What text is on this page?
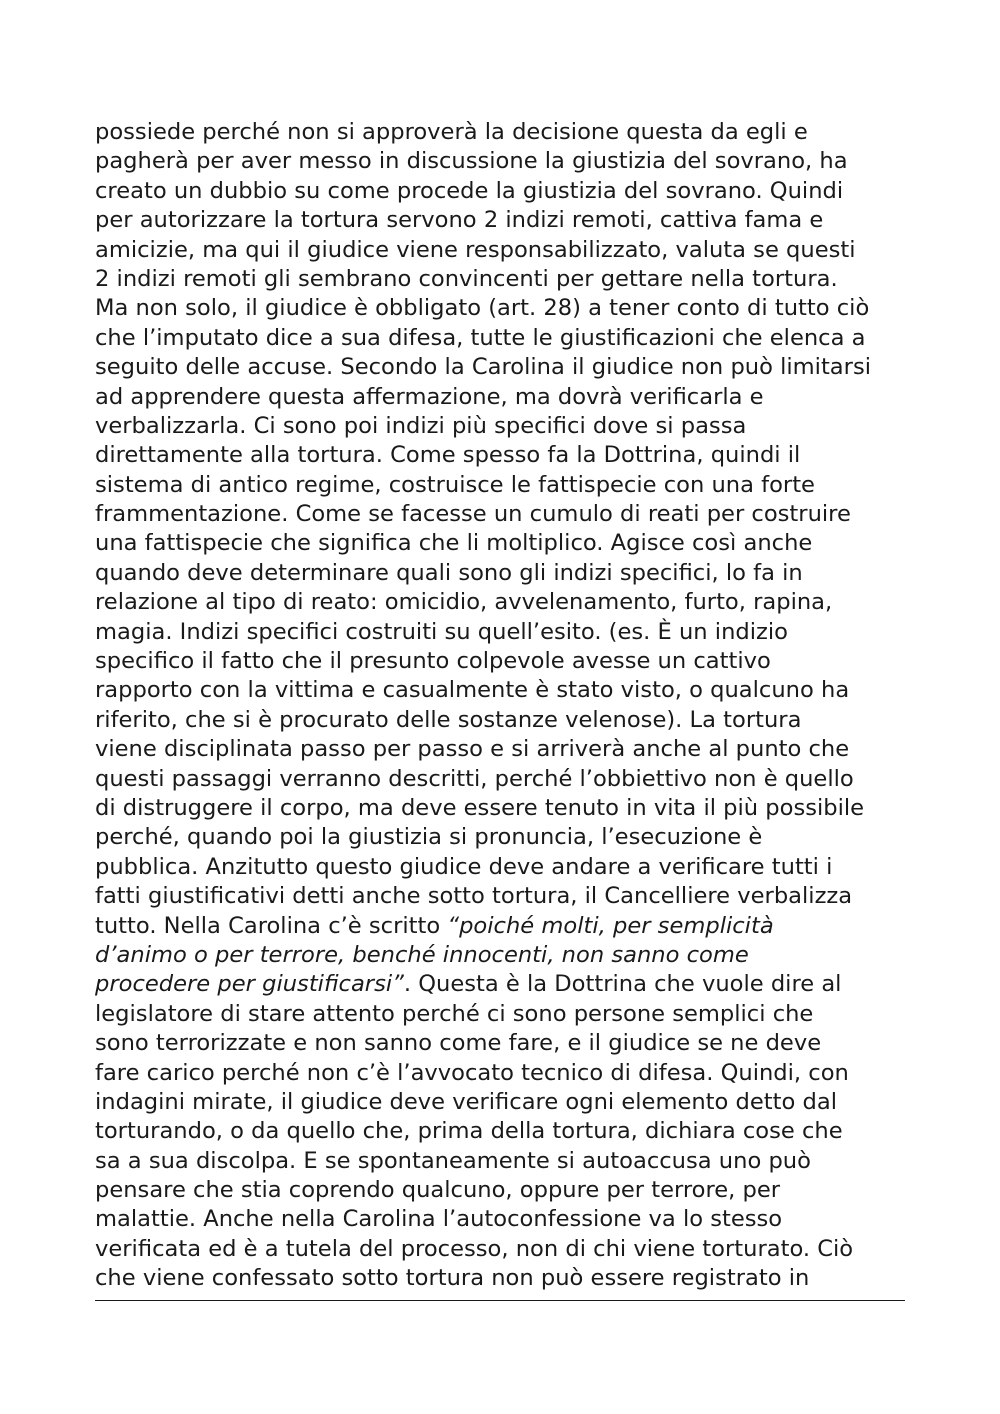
possiede perché non si approverà la decisione questa da egli e
pagherà per aver messo in discussione la giustizia del sovrano, ha
creato un dubbio su come procede la giustizia del sovrano. Quindi
per autorizzare la tortura servono 2 indizi remoti, cattiva fama e
amicizie, ma qui il giudice viene responsabilizzato, valuta se questi
2 indizi remoti gli sembrano convincenti per gettare nella tortura.
Ma non solo, il giudice è obbligato (art. 28) a tener conto di tutto ciò
che l’imputato dice a sua difesa, tutte le giustificazioni che elenca a
seguito delle accuse. Secondo la Carolina il giudice non può limitarsi
ad apprendere questa affermazione, ma dovrà verificarla e
verbalizzarla. Ci sono poi indizi più specifici dove si passa
direttamente alla tortura. Come spesso fa la Dottrina, quindi il
sistema di antico regime, costruisce le fattispecie con una forte
frammentazione. Come se facesse un cumulo di reati per costruire
una fattispecie che significa che li moltiplico. Agisce così anche
quando deve determinare quali sono gli indizi specifici, lo fa in
relazione al tipo di reato: omicidio, avvelenamento, furto, rapina,
magia. Indizi specifici costruiti su quell’esito. (es. È un indizio
specifico il fatto che il presunto colpevole avesse un cattivo
rapporto con la vittima e casualmente è stato visto, o qualcuno ha
riferito, che si è procurato delle sostanze velenose). La tortura
viene disciplinata passo per passo e si arriverà anche al punto che
questi passaggi verranno descritti, perché l’obbiettivo non è quello
di distruggere il corpo, ma deve essere tenuto in vita il più possibile
perché, quando poi la giustizia si pronuncia, l’esecuzione è
pubblica. Anzitutto questo giudice deve andare a verificare tutti i
fatti giustificativi detti anche sotto tortura, il Cancelliere verbalizza
tutto. Nella Carolina c’è scritto “poiché molti, per semplicità
d’animo o per terrore, benché innocenti, non sanno come
procedere per giustificarsi”. Questa è la Dottrina che vuole dire al
legislatore di stare attento perché ci sono persone semplici che
sono terrorizzate e non sanno come fare, e il giudice se ne deve
fare carico perché non c’è l’avvocato tecnico di difesa. Quindi, con
indagini mirate, il giudice deve verificare ogni elemento detto dal
torturando, o da quello che, prima della tortura, dichiara cose che
sa a sua discolpa. E se spontaneamente si autoaccusa uno può
pensare che stia coprendo qualcuno, oppure per terrore, per
malattie. Anche nella Carolina l’autoconfessione va lo stesso
verificata ed è a tutela del processo, non di chi viene torturato. Ciò
che viene confessato sotto tortura non può essere registrato in
